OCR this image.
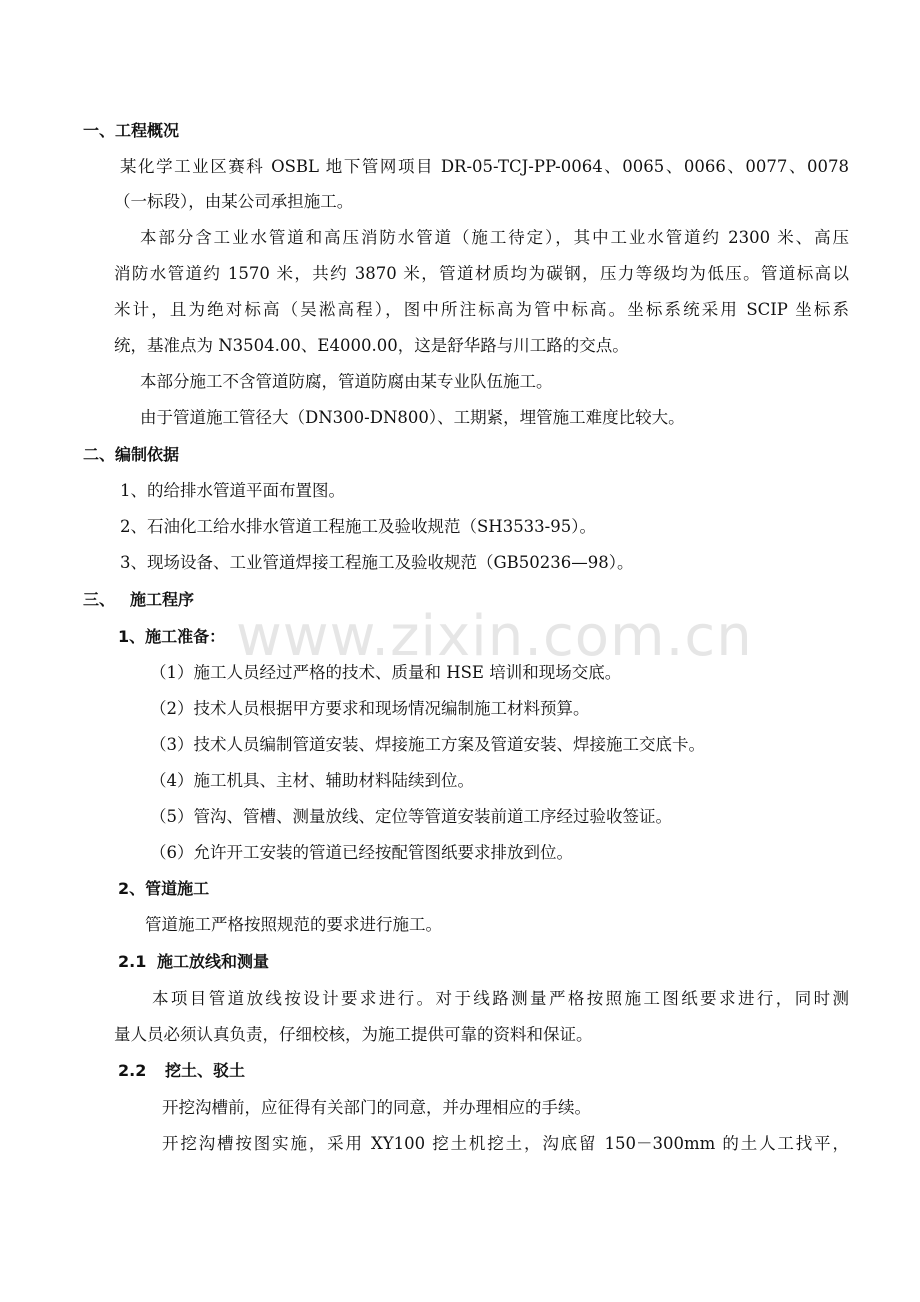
www.zixin.com.cn
一、工程概况
某化学工业区赛科 OSBL 地下管网项目 DR-05-TCJ-PP-0064、0065、0066、0077、0078
（一标段），由某公司承担施工。
本部分含工业水管道和高压消防水管道（施工待定），其中工业水管道约 2300 米、高压
消防水管道约 1570 米，共约 3870 米，管道材质均为碳钢，压力等级均为低压。管道标高以
米计，且为绝对标高（吴淞高程），图中所注标高为管中标高。坐标系统采用 SCIP 坐标系
统，基准点为 N3504.00、E4000.00，这是舒华路与川工路的交点。
本部分施工不含管道防腐，管道防腐由某专业队伍施工。
由于管道施工管径大（DN300-DN800）、工期紧，埋管施工难度比较大。
二、编制依据
1、的给排水管道平面布置图。
2、石油化工给水排水管道工程施工及验收规范（SH3533-95）。
3、现场设备、工业管道焊接工程施工及验收规范（GB50236—98）。
三、 施工程序
1、施工准备：
（1）施工人员经过严格的技术、质量和 HSE 培训和现场交底。
（2）技术人员根据甲方要求和现场情况编制施工材料预算。
（3）技术人员编制管道安装、焊接施工方案及管道安装、焊接施工交底卡。
（4）施工机具、主材、辅助材料陆续到位。
（5）管沟、管槽、测量放线、定位等管道安装前道工序经过验收签证。
（6）允许开工安装的管道已经按配管图纸要求排放到位。
2、管道施工
管道施工严格按照规范的要求进行施工。
2.1 施工放线和测量
本项目管道放线按设计要求进行。对于线路测量严格按照施工图纸要求进行，同时测
量人员必须认真负责，仔细校核，为施工提供可靠的资料和保证。
2.2 挖土、驳土
开挖沟槽前，应征得有关部门的同意，并办理相应的手续。
开挖沟槽按图实施，采用 XY100 挖土机挖土，沟底留 150－300mm 的土人工找平，
